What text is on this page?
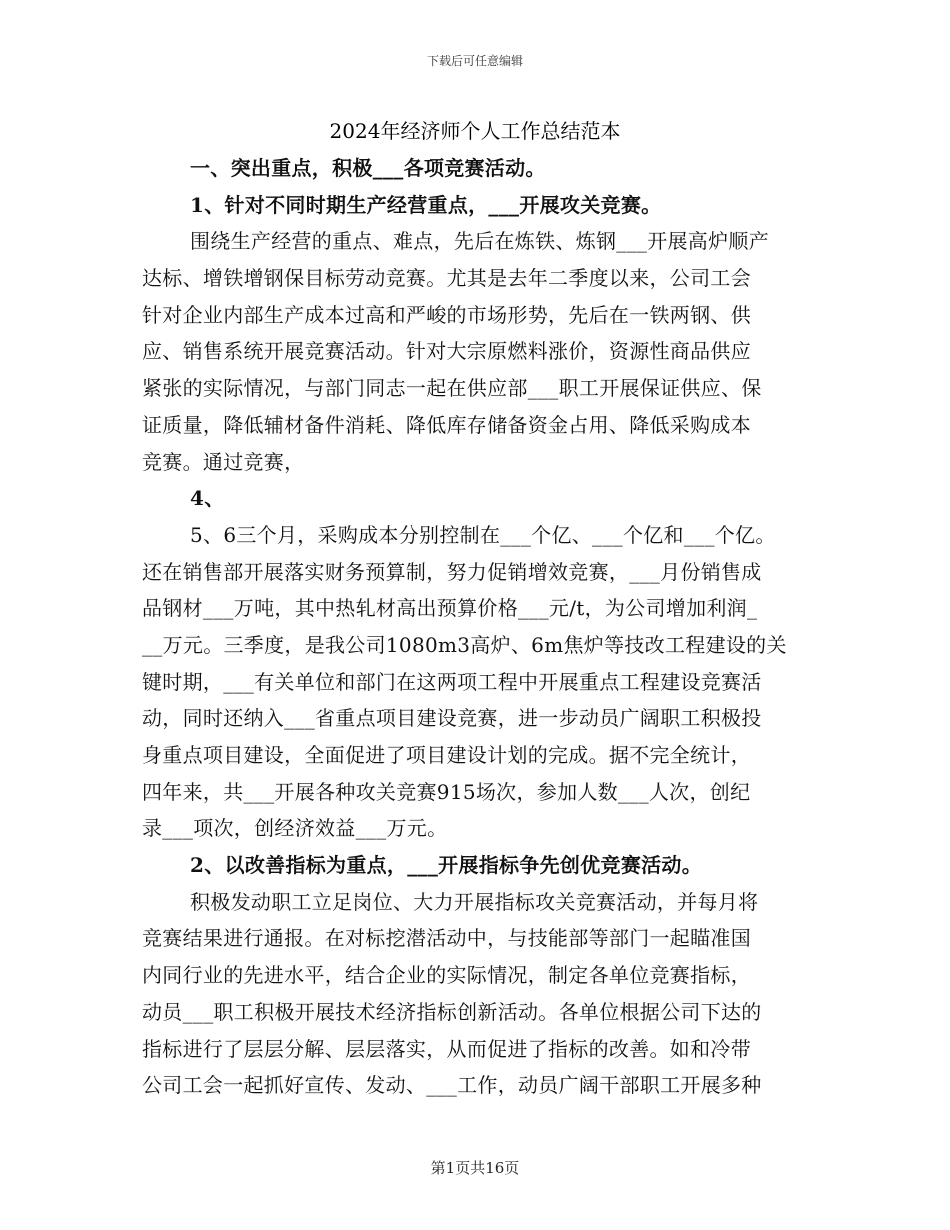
下载后可任意编辑
2024年经济师个人工作总结范本
一、突出重点，积极___各项竞赛活动。
1、针对不同时期生产经营重点，___开展攻关竞赛。
围绕生产经营的重点、难点，先后在炼铁、炼钢___开展高炉顺产
达标、增铁增钢保目标劳动竞赛。尤其是去年二季度以来，公司工会
针对企业内部生产成本过高和严峻的市场形势，先后在一铁两钢、供
应、销售系统开展竞赛活动。针对大宗原燃料涨价，资源性商品供应
紧张的实际情况，与部门同志一起在供应部___职工开展保证供应、保
证质量，降低辅材备件消耗、降低库存储备资金占用、降低采购成本
竞赛。通过竞赛，
4、
5、6三个月，采购成本分别控制在___个亿、___个亿和___个亿。
还在销售部开展落实财务预算制，努力促销增效竞赛，___月份销售成
品钢材___万吨，其中热轧材高出预算价格___元/t，为公司增加利润_
__万元。三季度，是我公司1080m3高炉、6m焦炉等技改工程建设的关
键时期，___有关单位和部门在这两项工程中开展重点工程建设竞赛活
动，同时还纳入___省重点项目建设竞赛，进一步动员广阔职工积极投
身重点项目建设，全面促进了项目建设计划的完成。据不完全统计，
四年来，共___开展各种攻关竞赛915场次，参加人数___人次，创纪
录___项次，创经济效益___万元。
2、以改善指标为重点，___开展指标争先创优竞赛活动。
积极发动职工立足岗位、大力开展指标攻关竞赛活动，并每月将
竞赛结果进行通报。在对标挖潜活动中，与技能部等部门一起瞄准国
内同行业的先进水平，结合企业的实际情况，制定各单位竞赛指标，
动员___职工积极开展技术经济指标创新活动。各单位根据公司下达的
指标进行了层层分解、层层落实，从而促进了指标的改善。如和冷带
公司工会一起抓好宣传、发动、___工作，动员广阔干部职工开展多种
第1页共16页
